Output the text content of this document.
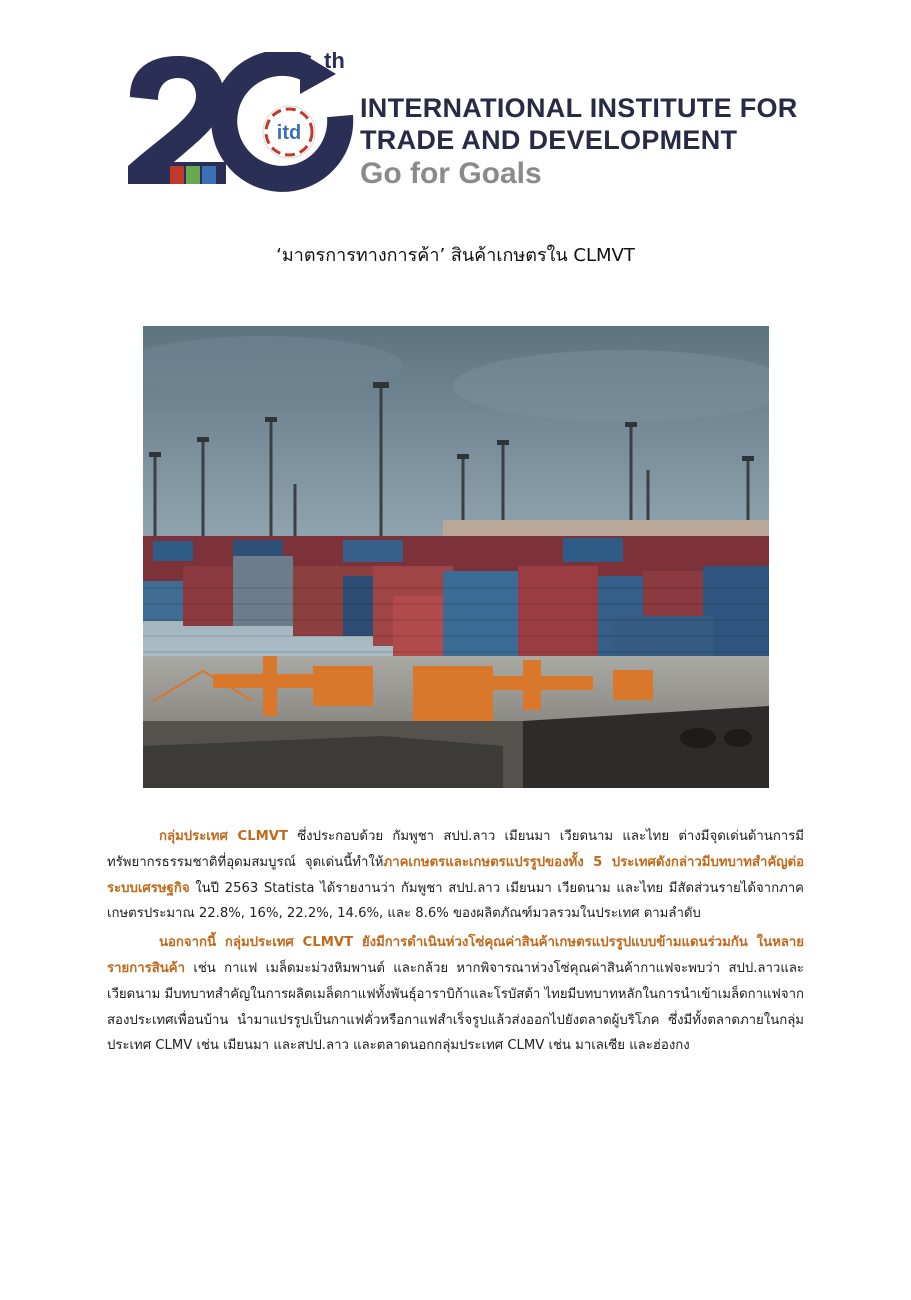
itd
th
INTERNATIONAL INSTITUTE FOR
TRADE AND DEVELOPMENT
Go for Goals
‘มาตรการทางการค้า’ สินค้าเกษตรใน CLMVT

กลุ่มประเทศ CLMVT ซึ่งประกอบด้วย กัมพูชา สปป.ลาว เมียนมา เวียดนาม และไทย ต่างมีจุดเด่นด้านการมีทรัพยากรธรรมชาติที่อุดมสมบูรณ์ จุดเด่นนี้ทำให้ภาคเกษตรและเกษตรแปรรูปของทั้ง 5 ประเทศดังกล่าวมีบทบาทสำคัญต่อระบบเศรษฐกิจ ในปี 2563 Statista ได้รายงานว่า กัมพูชา สปป.ลาว เมียนมา เวียดนาม และไทย มีสัดส่วนรายได้จากภาคเกษตรประมาณ 22.8%, 16%, 22.2%, 14.6%, และ 8.6% ของผลิตภัณฑ์มวลรวมในประเทศ ตามลำดับ

นอกจากนี้ กลุ่มประเทศ CLMVT ยังมีการดำเนินห่วงโซ่คุณค่าสินค้าเกษตรแปรรูปแบบข้ามแดนร่วมกัน ในหลายรายการสินค้า เช่น กาแฟ เมล็ดมะม่วงหิมพานต์ และกล้วย หากพิจารณาห่วงโซ่คุณค่าสินค้ากาแฟจะพบว่า สปป.ลาวและเวียดนาม มีบทบาทสำคัญในการผลิตเมล็ดกาแฟทั้งพันธุ์อาราบิก้าและโรบัสต้า ไทยมีบทบาทหลักในการนำเข้าเมล็ดกาแฟจากสองประเทศเพื่อนบ้าน นำมาแปรรูปเป็นกาแฟคั่วหรือกาแฟสำเร็จรูปแล้วส่งออกไปยังตลาดผู้บริโภค ซึ่งมีทั้งตลาดภายในกลุ่มประเทศ CLMV เช่น เมียนมา และสปป.ลาว และตลาดนอกกลุ่มประเทศ CLMV เช่น มาเลเซีย และฮ่องกง
